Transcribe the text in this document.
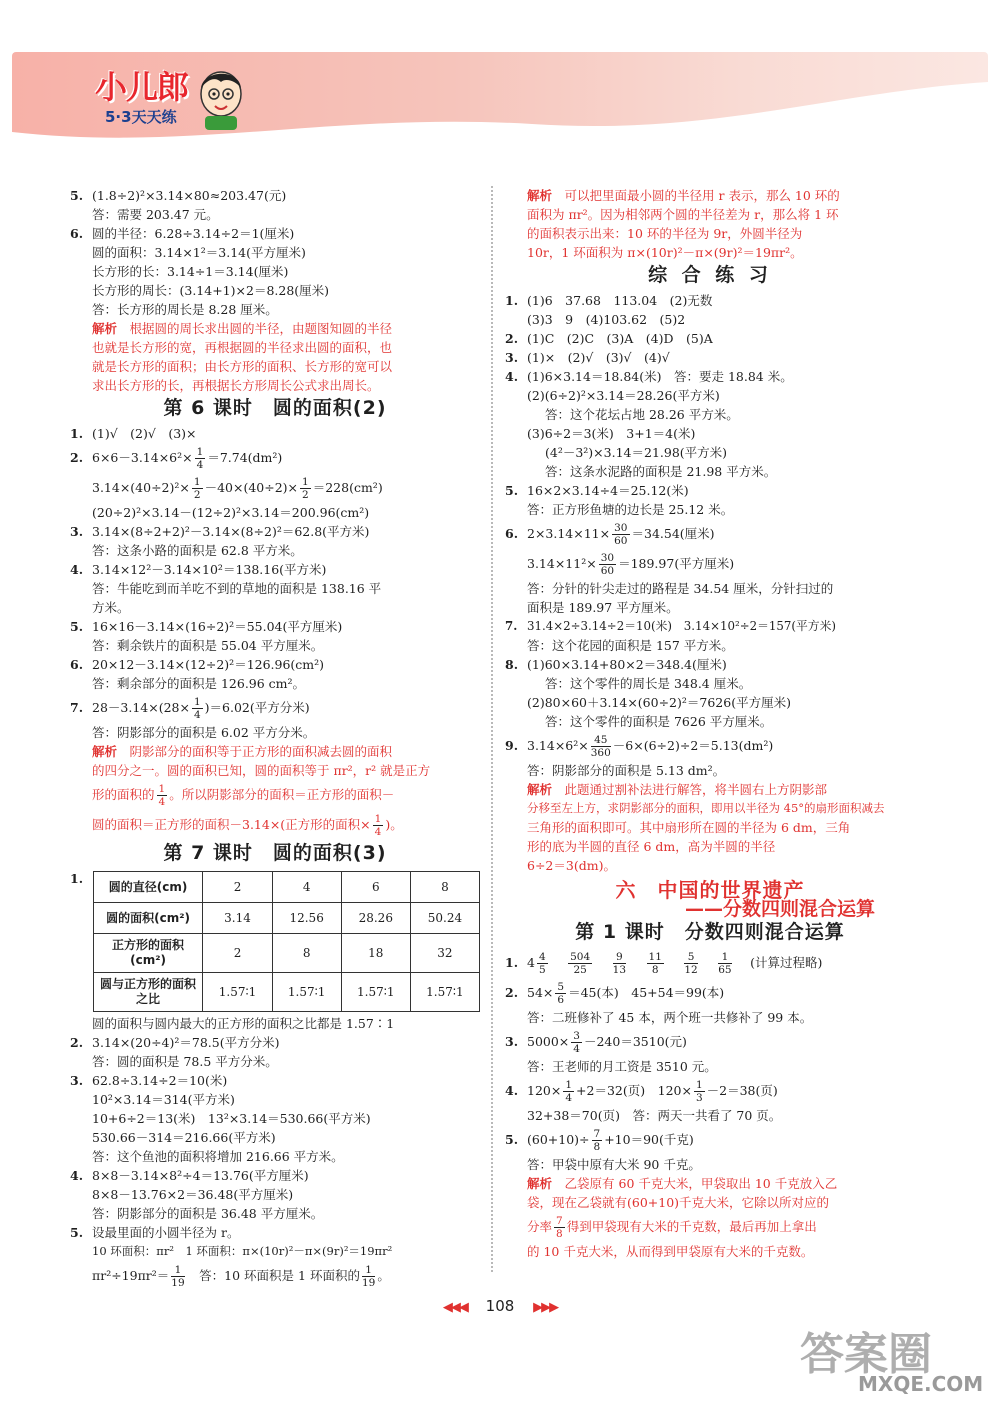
小儿郎
5·3天天练
5. (1.8÷2)²×3.14×80≈203.47(元)
答：需要 203.47 元。
6. 圆的半径：6.28÷3.14÷2＝1(厘米)
圆的面积：3.14×1²＝3.14(平方厘米)
长方形的长：3.14÷1＝3.14(厘米)
长方形的周长：(3.14+1)×2＝8.28(厘米)
答：长方形的周长是 8.28 厘米。
解析　 根据圆的周长求出圆的半径，由题图知圆的半径
也就是长方形的宽，再根据圆的半径求出圆的面积，也
就是长方形的面积；由长方形的面积、长方形的宽可以
求出长方形的长，再根据长方形周长公式求出周长。
第 6 课时　圆的面积(2)
1. (1)√　(2)√　(3)×
2. $6\times 6-3.14\times 6^2\times \frac{1}{4} =7.74(dm^2)$
$3.14\times(40\div 2)^2\times \frac{1}{2} -40\times(40\div 2)\times \frac{1}{2} =228(cm^2)$
(20÷2)²×3.14－(12÷2)²×3.14＝200.96(cm²)
3. 3.14×(8÷2+2)²－3.14×(8÷2)²＝62.8(平方米)
答：这条小路的面积是 62.8 平方米。
4. 3.14×12²－3.14×10²＝138.16(平方米)
答：牛能吃到而羊吃不到的草地的面积是 138.16 平
方米。
5. 16×16－3.14×(16÷2)²＝55.04(平方厘米)
答：剩余铁片的面积是 55.04 平方厘米。
6. 20×12－3.14×(12÷2)²＝126.96(cm²)
答：剩余部分的面积是 126.96 cm²。
7. $28-3.14\times(28\times \frac{1}{4} )=6.02$(平方分米)
答：阴影部分的面积是 6.02 平方分米。
解析　 阴影部分的面积等于正方形的面积减去圆的面积
的四分之一。圆的面积已知，圆的面积等于 πr²，r² 就是正方
形的面积的 $\frac{1}{4}$ 。所以阴影部分的面积＝正方形的面积－
圆的面积＝正方形的面积－3.14×(正方形的面积× $\frac{1}{4}$ )。
第 7 课时　圆的面积(3)
1.
圆的直径(cm)	2	4	6	8
圆的面积(cm²)	3.14	12.56	28.26	50.24
正方形的面积(cm²)	2	8	18	32
圆与正方形的面积之比	1.57∶1	1.57∶1	1.57∶1	1.57∶1
圆的面积与圆内最大的正方形的面积之比都是 1.57∶1
2. 3.14×(20÷4)²＝78.5(平方分米)
答：圆的面积是 78.5 平方分米。
3. 62.8÷3.14÷2＝10(米)
10²×3.14＝314(平方米)
10+6÷2＝13(米)　13²×3.14＝530.66(平方米)
530.66－314＝216.66(平方米)
答：这个鱼池的面积将增加 216.66 平方米。
4. 8×8－3.14×8²÷4＝13.76(平方厘米)
8×8－13.76×2＝36.48(平方厘米)
答：阴影部分的面积是 36.48 平方厘米。
5. 设最里面的小圆半径为 r。
10 环面积：πr²　1 环面积：π×(10r)²－π×(9r)²＝19πr²
$\pi r^2\div 19\pi r^2= \frac{1}{19}$ 　答：10 环面积是 1 环面积的 $\frac{1}{19}$ 。
解析　 可以把里面最小圆的半径用 r 表示，那么 10 环的
面积为 πr²。因为相邻两个圆的半径差为 r，那么将 1 环
的面积表示出来：10 环的半径为 9r，外圆半径为
10r，1 环面积为 π×(10r)²－π×(9r)²＝19πr²。
综 合 练 习
1. (1)6　37.68　113.04　(2)无数
(3)3　9　(4)103.62　(5)2
2. (1)C　(2)C　(3)A　(4)D　(5)A
3. (1)×　(2)√　(3)√　(4)√
4. (1)6×3.14＝18.84(米)　答：要走 18.84 米。
(2)(6÷2)²×3.14＝28.26(平方米)
答：这个花坛占地 28.26 平方米。
(3)6÷2＝3(米)　3+1＝4(米)
(4²－3²)×3.14＝21.98(平方米)
答：这条水泥路的面积是 21.98 平方米。
5. 16×2×3.14÷4＝25.12(米)
答：正方形鱼塘的边长是 25.12 米。
6. $2\times 3.14\times 11\times \frac{30}{60} =34.54$(厘米)
$3.14\times 11^2\times \frac{30}{60} =189.97$(平方厘米)
答：分针的针尖走过的路程是 34.54 厘米，分针扫过的
面积是 189.97 平方厘米。
7. 31.4×2÷3.14÷2＝10(米)　3.14×10²÷2＝157(平方米)
答：这个花园的面积是 157 平方米。
8. (1)60×3.14+80×2＝348.4(厘米)
答：这个零件的周长是 348.4 厘米。
(2)80×60＋3.14×(60÷2)²＝7626(平方厘米)
答：这个零件的面积是 7626 平方厘米。
9. $3.14\times 6^2\times \frac{45}{360} -6\times(6\div 2)\div 2=5.13(dm^2)$
答：阴影部分的面积是 5.13 dm²。
解析　 此题通过割补法进行解答，将半圆右上方阴影部
分移至左上方，求阴影部分的面积，即用以半径为 45°的扇形面积减去
三角形的面积即可。其中扇形所在圆的半径为 6 dm，三角
形的底为半圆的直径 6 dm，高为半圆的半径
6÷2＝3(dm)。
六　中国的世界遗产
——分数四则混合运算
第 1 课时　分数四则混合运算
1. $4 \frac{4}{5}$
　 $\frac{504}{25}$
　 $\frac{9}{13}$
　 $\frac{11}{8}$
　 $\frac{5}{12}$
　 $\frac{1}{65}$
　 (计算过程略)
2. $54\times \frac{5}{6} =45$(本)　45+54＝99(本)
答：二班修补了 45 本，两个班一共修补了 99 本。
3. $5000\times \frac{3}{4} -240=3510$(元)
答：王老师的月工资是 3510 元。
4. $120\times \frac{1}{4} +2=32$(页)　$120\times \frac{1}{3} -2=38$(页)
32+38＝70(页)　答：两天一共看了 70 页。
5. $(60+10)\div \frac{7}{8} +10=90$(千克)
答：甲袋中原有大米 90 千克。
解析　 乙袋原有 60 千克大米，甲袋取出 10 千克放入乙
袋，现在乙袋就有(60+10)千克大米，它除以所对应的
分率 $\frac{7}{8}$ 得到甲袋现有大米的千克数，最后再加上拿出
的 10 千克大米，从而得到甲袋原有大米的千克数。
◀◀◀ 108 ▶▶▶
答案圈
MXQE.COM
